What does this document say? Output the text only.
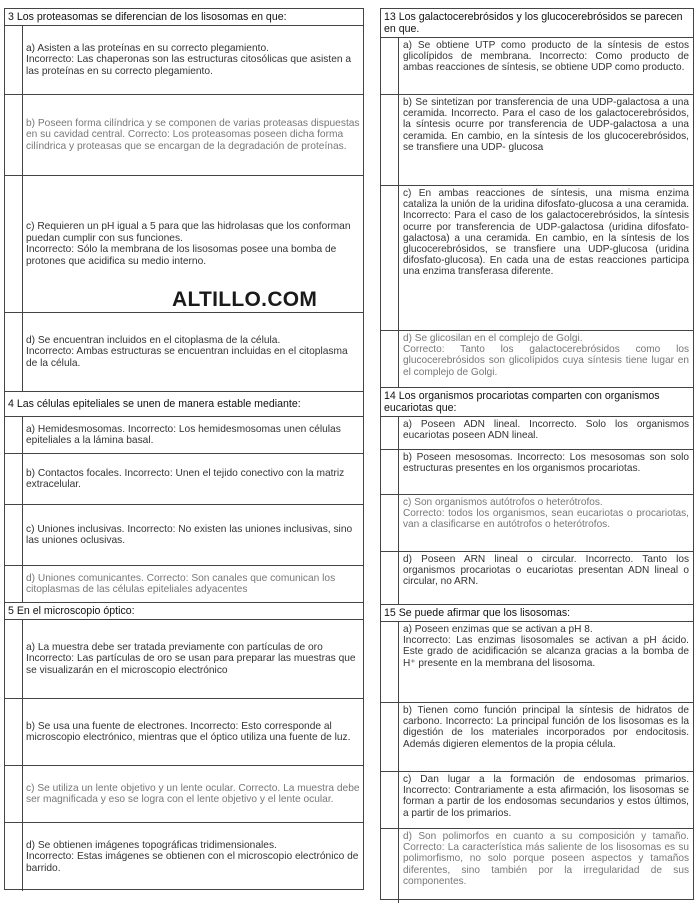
3 Los proteasomas se diferencian de los lisosomas en que:
a) Asisten a las proteínas en su correcto plegamiento.
Incorrecto: Las chaperonas son las estructuras citosólicas que asisten a las proteínas en su correcto plegamiento.
b) Poseen forma cilíndrica y se componen de varias proteasas dispuestas en su cavidad central. Correcto: Los proteasomas poseen dicha forma cilíndrica y proteasas que se encargan de la degradación de proteínas.
c) Requieren un pH igual a 5 para que las hidrolasas que los conforman puedan cumplir con sus funciones.
Incorrecto: Sólo la membrana de los lisosomas posee una bomba de protones que acidifica su medio interno.
d) Se encuentran incluidos en el citoplasma de la célula.
Incorrecto: Ambas estructuras se encuentran incluidas en el citoplasma de la célula.
4 Las células epiteliales se unen de manera estable mediante:
a) Hemidesmosomas. Incorrecto: Los hemidesmosomas unen células epiteliales a la lámina basal.
b) Contactos focales. Incorrecto: Unen el tejido conectivo con la matriz extracelular.
c) Uniones inclusivas. Incorrecto: No existen las uniones inclusivas, sino las uniones oclusivas.
d) Uniones comunicantes. Correcto: Son canales que comunican los citoplasmas de las células epiteliales adyacentes
5 En el microscopio óptico:
a) La muestra debe ser tratada previamente con partículas de oro Incorrecto: Las partículas de oro se usan para preparar las muestras que se visualizarán en el microscopio electrónico
b) Se usa una fuente de electrones. Incorrecto: Esto corresponde al microscopio electrónico, mientras que el óptico utiliza una fuente de luz.
c) Se utiliza un lente objetivo y un lente ocular. Correcto. La muestra debe ser magnificada y eso se logra con el lente objetivo y el lente ocular.
d) Se obtienen imágenes topográficas tridimensionales.
Incorrecto: Estas imágenes se obtienen con el microscopio electrónico de barrido.
ALTILLO.COM
13 Los galactocerebrósidos y los glucocerebrósidos se parecen en que.
a) Se obtiene UTP como producto de la síntesis de estos glicolípidos de membrana. Incorrecto: Como producto de ambas reacciones de síntesis, se obtiene UDP como producto.
b) Se sintetizan por transferencia de una UDP-galactosa a una ceramida. Incorrecto. Para el caso de los galactocerebrósidos, la síntesis ocurre por transferencia de UDP-galactosa a una ceramida. En cambio, en la síntesis de los glucocerebrósidos, se transfiere una UDP- glucosa
c) En ambas reacciones de síntesis, una misma enzima cataliza la unión de la uridina difosfato-glucosa a una ceramida. Incorrecto: Para el caso de los galactocerebrósidos, la síntesis ocurre por transferencia de UDP-galactosa (uridina difosfato-galactosa) a una ceramida. En cambio, en la síntesis de los glucocerebrósidos, se transfiere una UDP-glucosa (uridina difosfato-glucosa). En cada una de estas reacciones participa una enzima transferasa diferente.
d) Se glicosilan en el complejo de Golgi.
Correcto: Tanto los galactocerebrósidos como los glucocerebrósidos son glicolípidos cuya síntesis tiene lugar en el complejo de Golgi.
14 Los organismos procariotas comparten con organismos eucariotas que:
a) Poseen ADN lineal. Incorrecto. Solo los organismos eucariotas poseen ADN lineal.
b) Poseen mesosomas. Incorrecto: Los mesosomas son solo estructuras presentes en los organismos procariotas.
c) Son organismos autótrofos o heterótrofos.
Correcto: todos los organismos, sean eucariotas o procariotas, van a clasificarse en autótrofos o heterótrofos.
d) Poseen ARN lineal o circular. Incorrecto. Tanto los organismos procariotas o eucariotas presentan ADN lineal o circular, no ARN.
15 Se puede afirmar que los lisosomas:
a) Poseen enzimas que se activan a pH 8.
Incorrecto: Las enzimas lisosomales se activan a pH ácido. Este grado de acidificación se alcanza gracias a la bomba de H⁺ presente en la membrana del lisosoma.
b) Tienen como función principal la síntesis de hidratos de carbono. Incorrecto: La principal función de los lisosomas es la digestión de los materiales incorporados por endocitosis. Además digieren elementos de la propia célula.
c) Dan lugar a la formación de endosomas primarios. Incorrecto: Contrariamente a esta afirmación, los lisosomas se forman a partir de los endosomas secundarios y estos últimos, a partir de los primarios.
d) Son polimorfos en cuanto a su composición y tamaño. Correcto: La característica más saliente de los lisosomas es su polimorfismo, no solo porque poseen aspectos y tamaños diferentes, sino también por la irregularidad de sus componentes.
